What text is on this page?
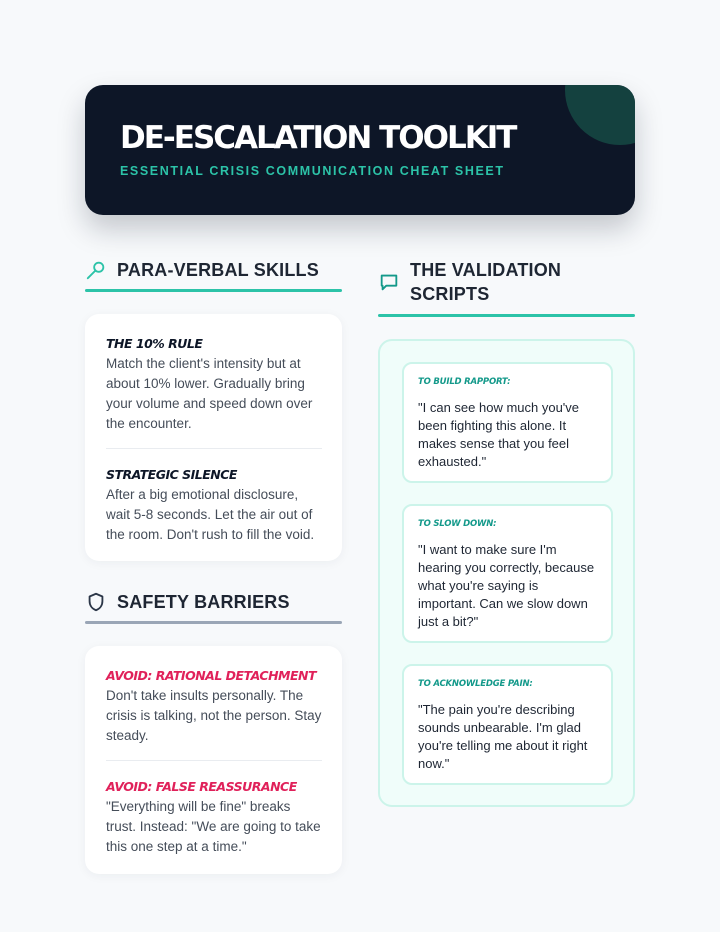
DE-ESCALATION TOOLKIT
ESSENTIAL CRISIS COMMUNICATION CHEAT SHEET
PARA-VERBAL SKILLS
THE 10% RULE
Match the client's intensity but at about 10% lower. Gradually bring your volume and speed down over the encounter.
STRATEGIC SILENCE
After a big emotional disclosure, wait 5-8 seconds. Let the air out of the room. Don't rush to fill the void.
SAFETY BARRIERS
AVOID: RATIONAL DETACHMENT
Don't take insults personally. The crisis is talking, not the person. Stay steady.
AVOID: FALSE REASSURANCE
"Everything will be fine" breaks trust. Instead: "We are going to take this one step at a time."
THE VALIDATION
SCRIPTS
TO BUILD RAPPORT:
"I can see how much you've been fighting this alone. It makes sense that you feel exhausted."
TO SLOW DOWN:
"I want to make sure I'm hearing you correctly, because what you're saying is important. Can we slow down just a bit?"
TO ACKNOWLEDGE PAIN:
"The pain you're describing sounds unbearable. I'm glad you're telling me about it right now."
